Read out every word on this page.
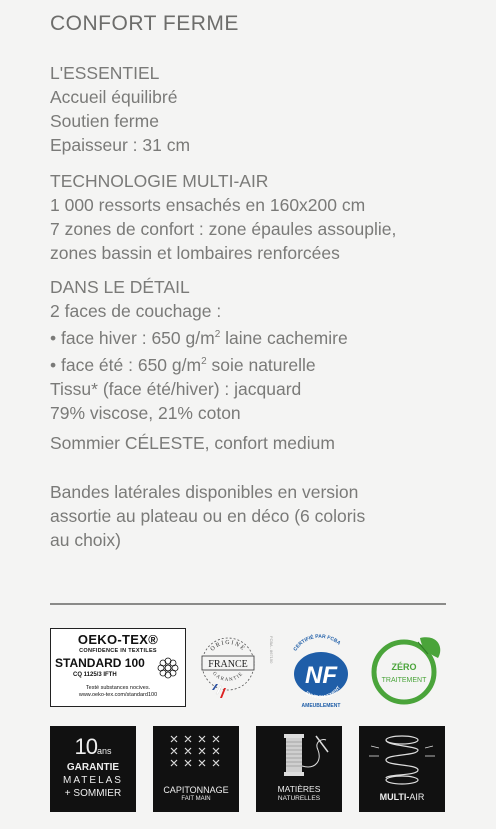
CONFORT FERME
L'ESSENTIEL
Accueil équilibré
Soutien ferme
Epaisseur : 31 cm
TECHNOLOGIE MULTI-AIR
1 000 ressorts ensachés en 160x200 cm
7 zones de confort : zone épaules assouplie,
zones bassin et lombaires renforcées
DANS LE DÉTAIL
2 faces de couchage :
• face hiver : 650 $g/m^2$ laine cachemire
• face été : 650 $g/m^2$ soie naturelle
Tissu* (face été/hiver) : jacquard
79% viscose, 21% coton
Sommier CÉLESTE, confort medium
Bandes latérales disponibles en version
assortie au plateau ou en déco (6 coloris
au choix)
OEKO-TEX®
CONFIDENCE IN TEXTILES
STANDARD 100
CQ 1125/3 IFTH
Testé substances nocives.
www.oeko-tex.com/standard100
ORIGINE
FRANCE
GARANTIE
FCBA - 867150	CERTIFIÉ PAR FCBA
NF
ENVIRONNEMENT
AMEUBLEMENT
ZÉRO
TRAITEMENT
10ans
GARANTIE
MATELAS
+ SOMMIER	CAPITONNAGE
FAIT MAIN
MATIÈRES
NATURELLES	MULTI-AIR
